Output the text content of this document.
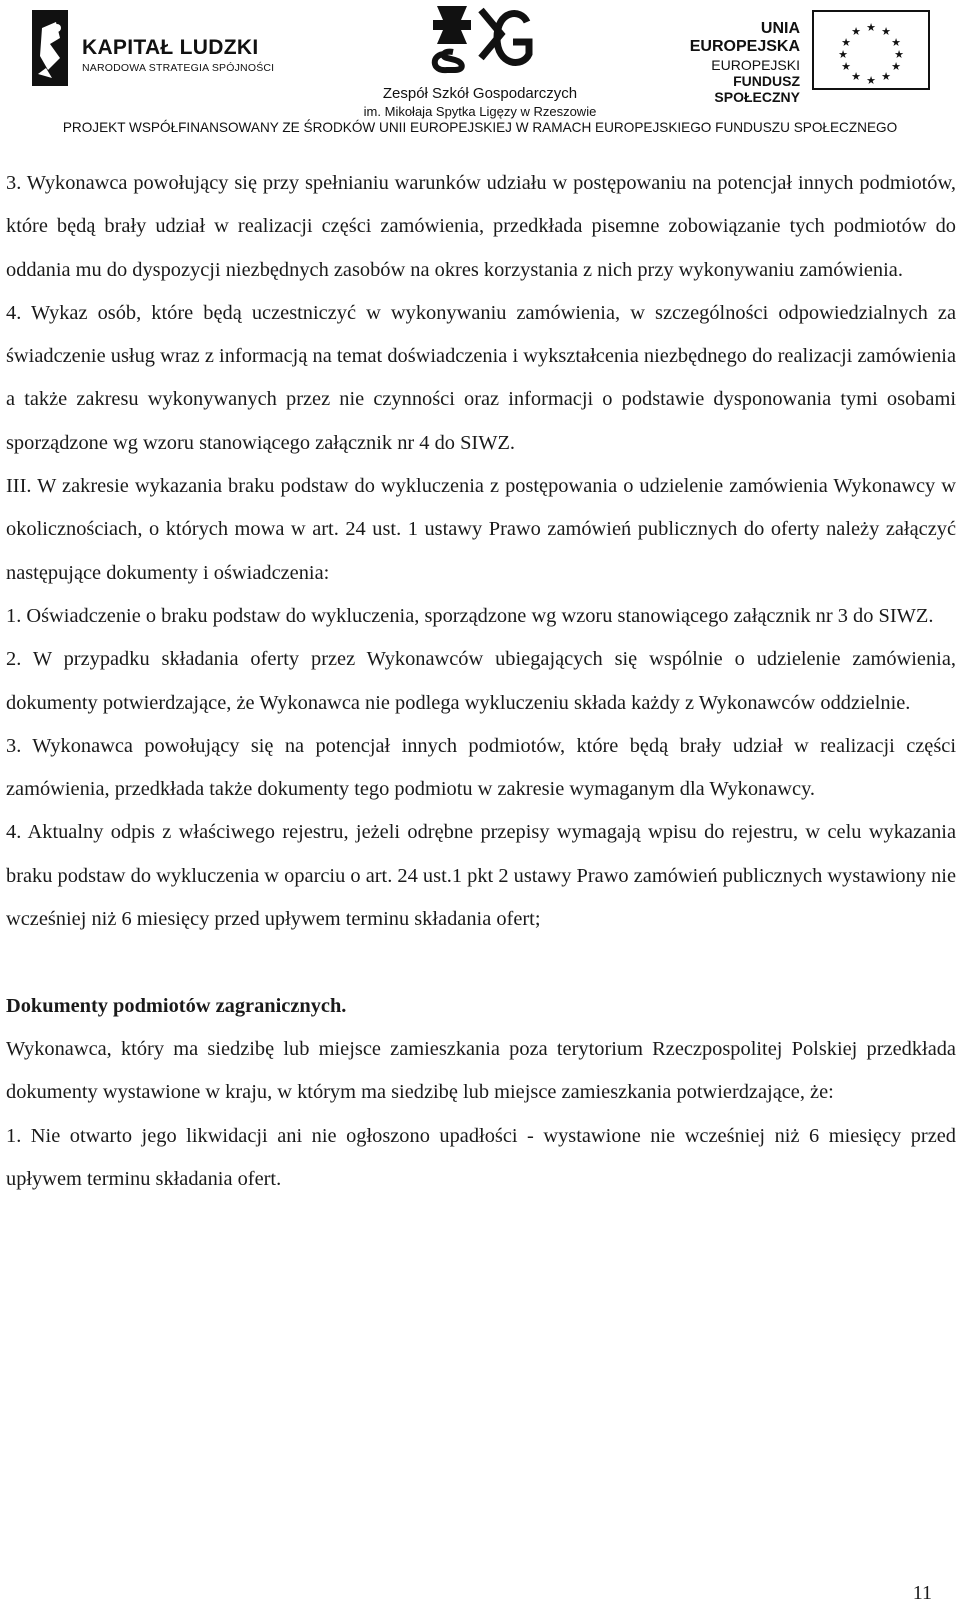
KAPITAŁ LUDZKI
NARODOWA STRATEGIA SPÓJNOŚCI
Zespół Szkół Gospodarczych
im. Mikołaja Spytka Ligęzy w Rzeszowie
UNIA EUROPEJSKA
EUROPEJSKI
FUNDUSZ SPOŁECZNY
★ ★
★
★
★
★
★
★
★
★
★
★
PROJEKT WSPÓŁFINANSOWANY ZE ŚRODKÓW UNII EUROPEJSKIEJ W RAMACH EUROPEJSKIEGO FUNDUSZU SPOŁECZNEGO

3. Wykonawca powołujący się przy spełnianiu warunków udziału w postępowaniu na potencjał innych podmiotów, które będą brały udział w realizacji części zamówienia, przedkłada pisemne zobowiązanie tych podmiotów do oddania mu do dyspozycji niezbędnych zasobów na okres korzystania z nich przy wykonywaniu zamówienia.

4. Wykaz osób, które będą uczestniczyć w wykonywaniu zamówienia, w szczególności odpowiedzialnych za świadczenie usług wraz z informacją na temat doświadczenia i wykształcenia niezbędnego do realizacji zamówienia a także zakresu wykonywanych przez nie czynności oraz informacji o podstawie dysponowania tymi osobami sporządzone wg wzoru stanowiącego załącznik nr 4 do SIWZ.

III. W zakresie wykazania braku podstaw do wykluczenia z postępowania o udzielenie zamówienia Wykonawcy w okolicznościach, o których mowa w art. 24 ust. 1 ustawy Prawo zamówień publicznych do oferty należy załączyć następujące dokumenty i oświadczenia:

1. Oświadczenie o braku podstaw do wykluczenia, sporządzone wg wzoru stanowiącego załącznik nr 3 do SIWZ.

2. W przypadku składania oferty przez Wykonawców ubiegających się wspólnie o udzielenie zamówienia, dokumenty potwierdzające, że Wykonawca nie podlega wykluczeniu składa każdy z Wykonawców oddzielnie.

3. Wykonawca powołujący się na potencjał innych podmiotów, które będą brały udział w realizacji części zamówienia, przedkłada także dokumenty tego podmiotu w zakresie wymaganym dla Wykonawcy.

4. Aktualny odpis z właściwego rejestru, jeżeli odrębne przepisy wymagają wpisu do rejestru, w celu wykazania braku podstaw do wykluczenia w oparciu o art. 24 ust.1 pkt 2 ustawy Prawo zamówień publicznych wystawiony nie wcześniej niż 6 miesięcy przed upływem terminu składania ofert;

Dokumenty podmiotów zagranicznych.

Wykonawca, który ma siedzibę lub miejsce zamieszkania poza terytorium Rzeczpospolitej Polskiej przedkłada dokumenty wystawione w kraju, w którym ma siedzibę lub miejsce zamieszkania potwierdzające, że:

1. Nie otwarto jego likwidacji ani nie ogłoszono upadłości - wystawione nie wcześniej niż 6 miesięcy przed upływem terminu składania ofert.

11
